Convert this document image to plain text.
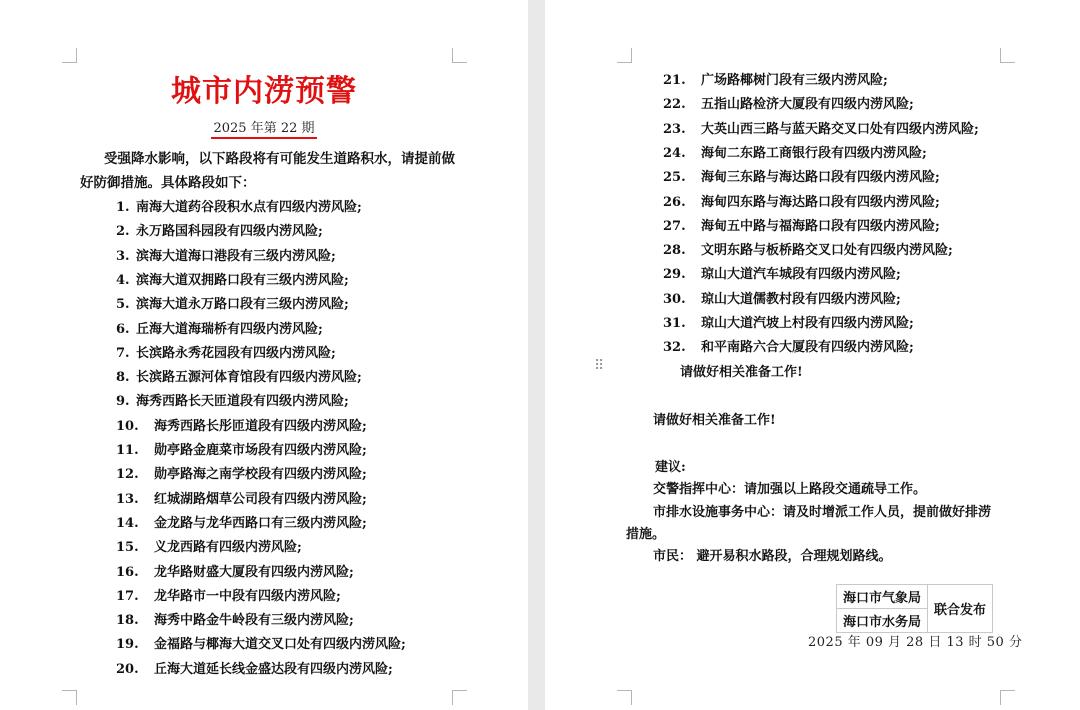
城市内涝预警
2025 年第 22 期
受强降水影响，以下路段将有可能发生道路积水，请提前做
好防御措施。具体路段如下：
1. 南海大道药谷段积水点有四级内涝风险;
2. 永万路国科园段有四级内涝风险;
3. 滨海大道海口港段有三级内涝风险;
4. 滨海大道双拥路口段有三级内涝风险;
5. 滨海大道永万路口段有三级内涝风险;
6. 丘海大道海瑞桥有四级内涝风险;
7. 长滨路永秀花园段有四级内涝风险;
8. 长滨路五源河体育馆段有四级内涝风险;
9. 海秀西路长天匝道段有四级内涝风险;
10. 海秀西路长彤匝道段有四级内涝风险;
11. 勋亭路金鹿菜市场段有四级内涝风险;
12. 勋亭路海之南学校段有四级内涝风险;
13. 红城湖路烟草公司段有四级内涝风险;
14. 金龙路与龙华西路口有三级内涝风险;
15. 义龙西路有四级内涝风险;
16. 龙华路财盛大厦段有四级内涝风险;
17. 龙华路市一中段有四级内涝风险;
18. 海秀中路金牛岭段有三级内涝风险;
19. 金福路与椰海大道交叉口处有四级内涝风险;
20. 丘海大道延长线金盛达段有四级内涝风险;
21. 广场路椰树门段有三级内涝风险;
22. 五指山路检济大厦段有四级内涝风险;
23. 大英山西三路与蓝天路交叉口处有四级内涝风险;
24. 海甸二东路工商银行段有四级内涝风险;
25. 海甸三东路与海达路口段有四级内涝风险;
26. 海甸四东路与海达路口段有四级内涝风险;
27. 海甸五中路与福海路口段有四级内涝风险;
28. 文明东路与板桥路交叉口处有四级内涝风险;
29. 琼山大道汽车城段有四级内涝风险;
30. 琼山大道儒教村段有四级内涝风险;
31. 琼山大道汽坡上村段有四级内涝风险;
32. 和平南路六合大厦段有四级内涝风险;
请做好相关准备工作!
请做好相关准备工作!
建议:
交警指挥中心：请加强以上路段交通疏导工作。
市排水设施事务中心：请及时增派工作人员，提前做好排涝
措施。
市民： 避开易积水路段，合理规划路线。
⠿
海口市气象局	联合发布
海口市水务局
2025 年 09 月 28 日 13 时 50 分
